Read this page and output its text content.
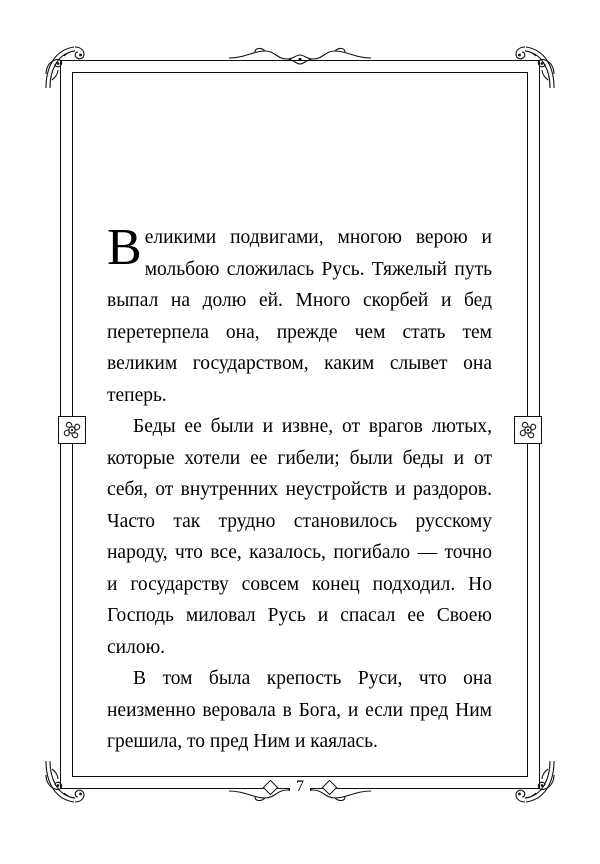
Великими подвигами, многою верою и мольбою сложилась Русь. Тяжелый путь выпал на долю ей. Много скорбей и бед перетерпела она, прежде чем стать тем великим государством, каким слывет она теперь.

Беды ее были и извне, от врагов лютых, которые хотели ее гибели; были беды и от себя, от внутренних неустройств и раздоров. Часто так трудно становилось русскому народу, что все, казалось, погибало — точно и государству совсем конец подходил. Но Господь миловал Русь и спасал ее Своею силою.

В том была крепость Руси, что она неизменно веровала в Бога, и если пред Ним грешила, то пред Ним и каялась.

7
